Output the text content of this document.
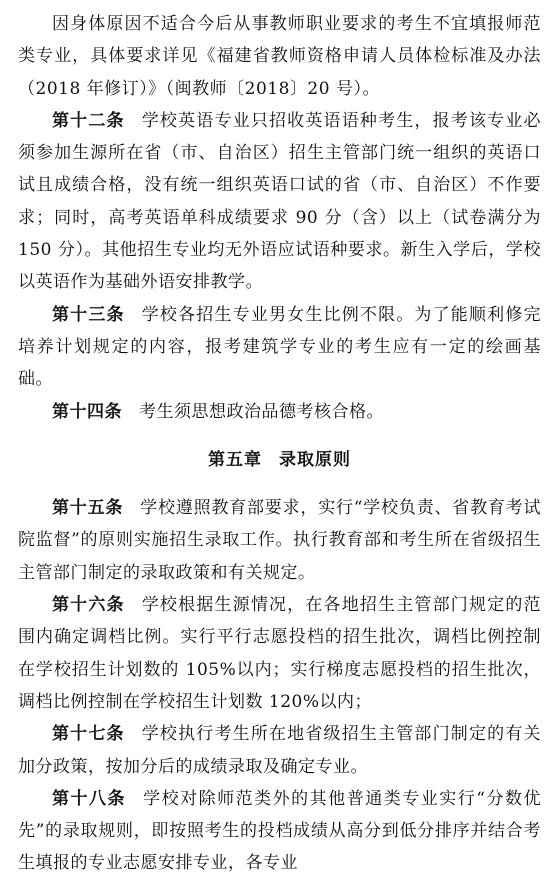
因身体原因不适合今后从事教师职业要求的考生不宜填报师范类专业，具体要求详见《福建省教师资格申请人员体检标准及办法（2018 年修订）》（闽教师〔2018〕20 号）。

第十二条 学校英语专业只招收英语语种考生，报考该专业必须参加生源所在省（市、自治区）招生主管部门统一组织的英语口试且成绩合格，没有统一组织英语口试的省（市、自治区）不作要求；同时，高考英语单科成绩要求 90 分（含）以上（试卷满分为 150 分）。其他招生专业均无外语应试语种要求。新生入学后，学校以英语作为基础外语安排教学。

第十三条 学校各招生专业男女生比例不限。为了能顺利修完培养计划规定的内容，报考建筑学专业的考生应有一定的绘画基础。

第十四条 考生须思想政治品德考核合格。

第五章 录取原则

第十五条 学校遵照教育部要求，实行“学校负责、省教育考试院监督”的原则实施招生录取工作。执行教育部和考生所在省级招生主管部门制定的录取政策和有关规定。

第十六条 学校根据生源情况，在各地招生主管部门规定的范围内确定调档比例。实行平行志愿投档的招生批次，调档比例控制在学校招生计划数的 105%以内；实行梯度志愿投档的招生批次，调档比例控制在学校招生计划数 120%以内；

第十七条 学校执行考生所在地省级招生主管部门制定的有关加分政策，按加分后的成绩录取及确定专业。

第十八条 学校对除师范类外的其他普通类专业实行“分数优先”的录取规则，即按照考生的投档成绩从高分到低分排序并结合考生填报的专业志愿安排专业，各专业
